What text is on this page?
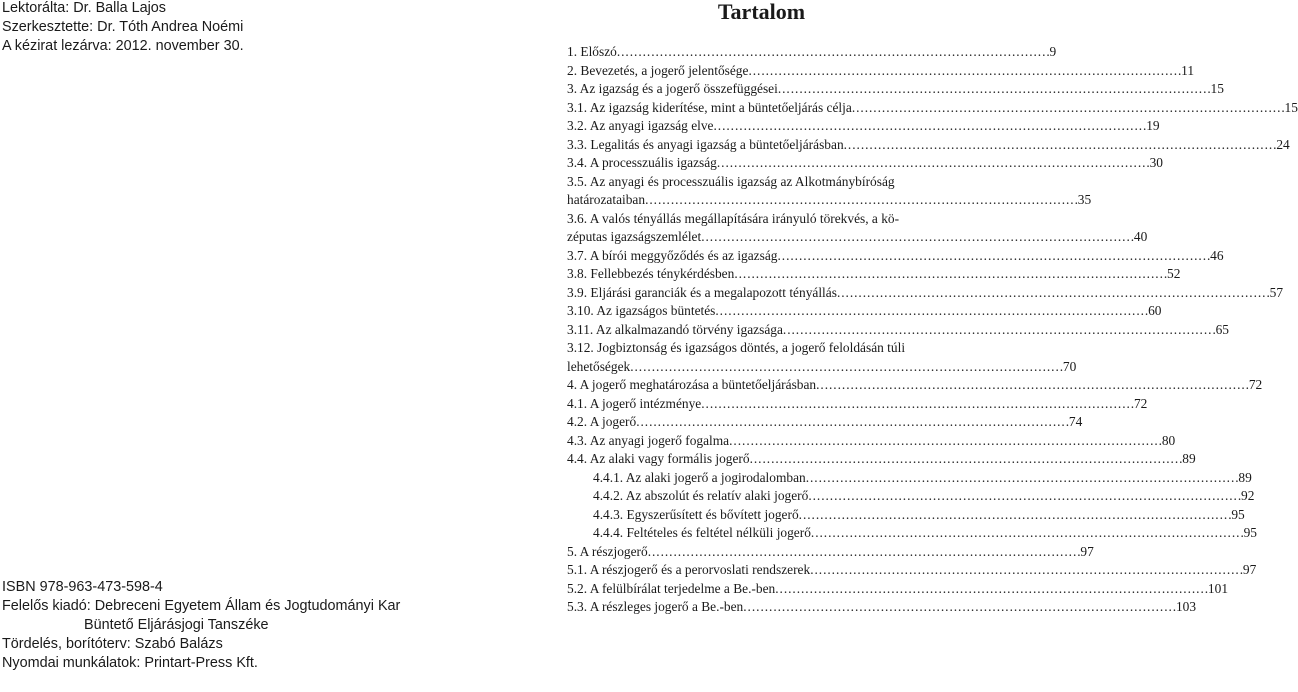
Lektorálta: Dr. Balla Lajos
Szerkesztette: Dr. Tóth Andrea Noémi
A kézirat lezárva: 2012. november 30.
ISBN 978-963-473-598-4
Felelős kiadó: Debreceni Egyetem Állam és Jogtudományi Kar
Büntető Eljárásjogi Tanszéke
Tördelés, borítóterv: Szabó Balázs
Nyomdai munkálatok: Printart-Press Kft.
Tartalom
1. Előszó . . .	9
2. Bevezetés, a jogerő jelentősége . . .	11
3. Az igazság és a jogerő összefüggései . . .	15
3.1. Az igazság kiderítése, mint a büntetőeljárás célja . . .	15
3.2. Az anyagi igazság elve . . .	19
3.3. Legalitás és anyagi igazság a büntetőeljárásban . . .	24
3.4. A processzuális igazság . . .	30
3.5. Az anyagi és processzuális igazság az Alkotmánybíróság
határozataiban . . .	35
3.6. A valós tényállás megállapítására irányuló törekvés, a kö-
zéputas igazságszemlélet . . .	40
3.7. A bírói meggyőződés és az igazság . . .	46
3.8. Fellebbezés ténykérdésben . . .	52
3.9. Eljárási garanciák és a megalapozott tényállás . . .	57
3.10. Az igazságos büntetés . . .	60
3.11. Az alkalmazandó törvény igazsága . . .	65
3.12. Jogbiztonság és igazságos döntés, a jogerő feloldásán túli
lehetőségek . . .	70
4. A jogerő meghatározása a büntetőeljárásban . . .	72
4.1. A jogerő intézménye . . .	72
4.2. A jogerő . . .	74
4.3. Az anyagi jogerő fogalma . . .	80
4.4. Az alaki vagy formális jogerő . . .	89
4.4.1. Az alaki jogerő a jogirodalomban . . .	89
4.4.2. Az abszolút és relatív alaki jogerő . . .	92
4.4.3. Egyszerűsített és bővített jogerő . . .	95
4.4.4. Feltételes és feltétel nélküli jogerő . . .	95
5. A részjogerő . . .	97
5.1. A részjogerő és a perorvoslati rendszerek . . .	97
5.2. A felülbírálat terjedelme a Be.-ben . . .	101
5.3. A részleges jogerő a Be.-ben . . .	103
